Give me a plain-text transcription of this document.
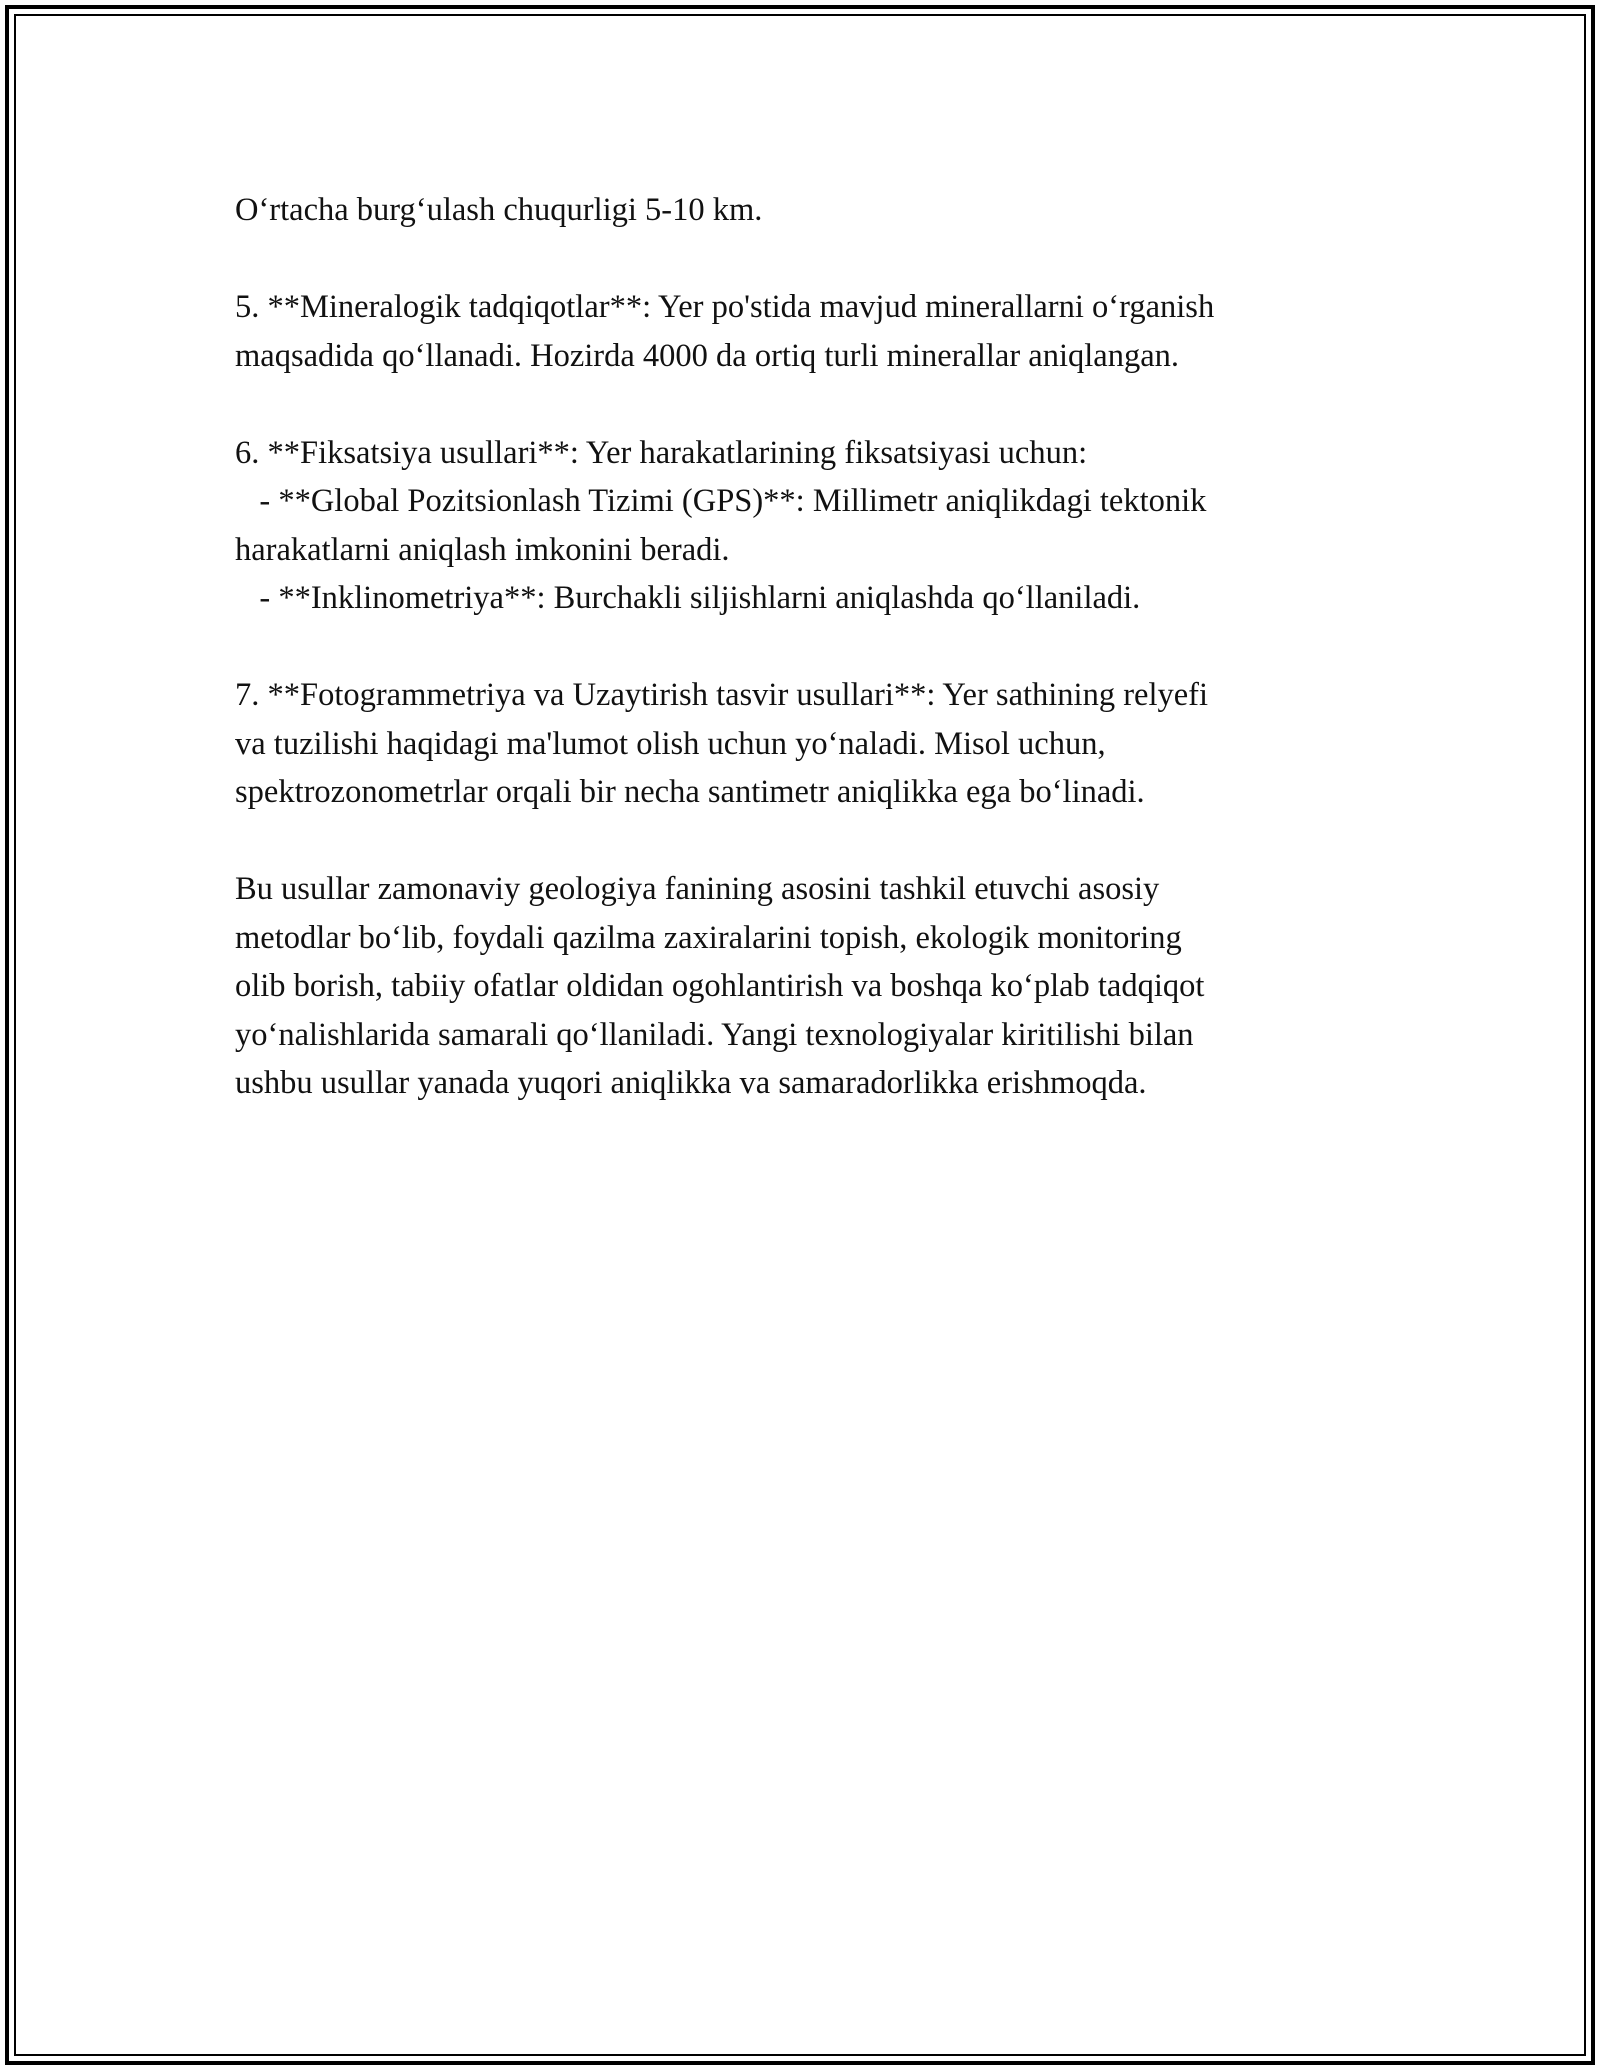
O‘rtacha burg‘ulash chuqurligi 5-10 km.

5. **Mineralogik tadqiqotlar**: Yer po'stida mavjud minerallarni o‘rganish
maqsadida qo‘llanadi. Hozirda 4000 da ortiq turli minerallar aniqlangan.

6. **Fiksatsiya usullari**: Yer harakatlarining fiksatsiyasi uchun:
- **Global Pozitsionlash Tizimi (GPS)**: Millimetr aniqlikdagi tektonik
harakatlarni aniqlash imkonini beradi.
- **Inklinometriya**: Burchakli siljishlarni aniqlashda qo‘llaniladi.

7. **Fotogrammetriya va Uzaytirish tasvir usullari**: Yer sathining relyefi
va tuzilishi haqidagi ma'lumot olish uchun yo‘naladi. Misol uchun,
spektrozonometrlar orqali bir necha santimetr aniqlikka ega bo‘linadi.

Bu usullar zamonaviy geologiya fanining asosini tashkil etuvchi asosiy
metodlar bo‘lib, foydali qazilma zaxiralarini topish, ekologik monitoring
olib borish, tabiiy ofatlar oldidan ogohlantirish va boshqa ko‘plab tadqiqot
yo‘nalishlarida samarali qo‘llaniladi. Yangi texnologiyalar kiritilishi bilan
ushbu usullar yanada yuqori aniqlikka va samaradorlikka erishmoqda.
